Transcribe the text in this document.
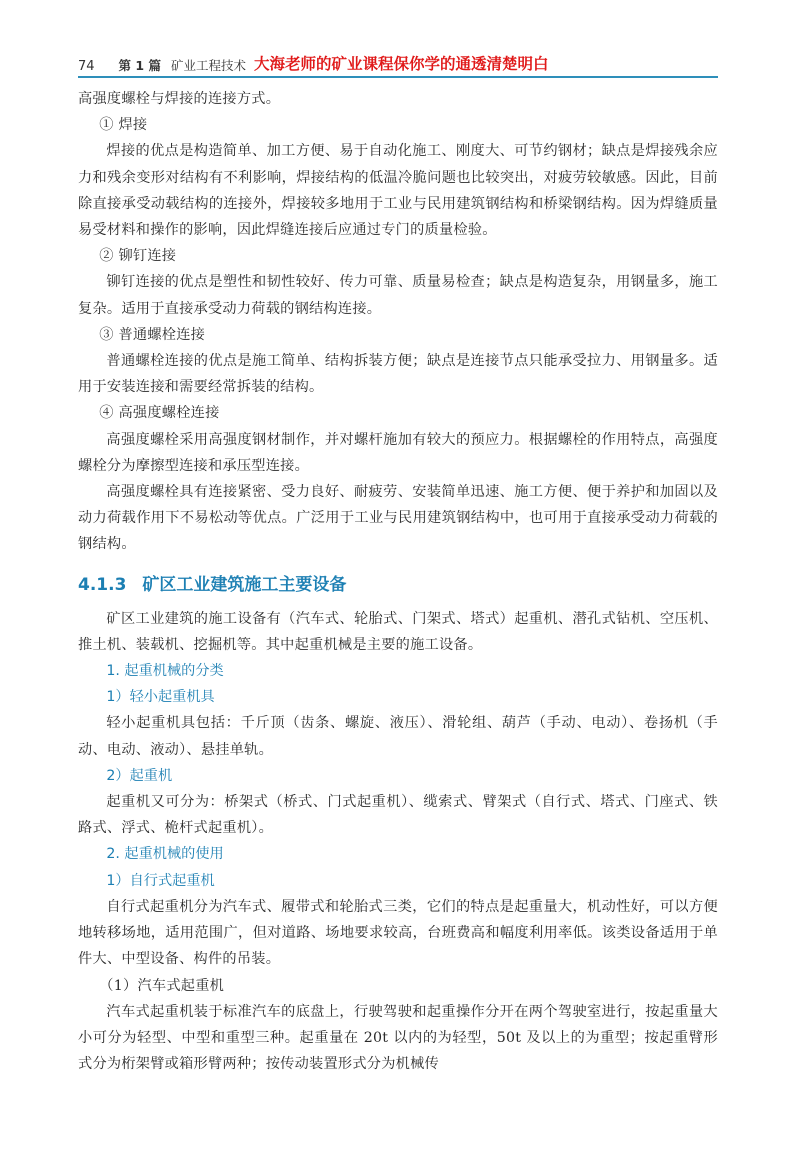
74 第 1 篇 矿业工程技术 大海老师的矿业课程保你学的通透清楚明白

高强度螺栓与焊接的连接方式。

① 焊接

焊接的优点是构造简单、加工方便、易于自动化施工、刚度大、可节约钢材；缺点是焊接残余应力和残余变形对结构有不利影响，焊接结构的低温冷脆问题也比较突出，对疲劳较敏感。因此，目前除直接承受动载结构的连接外，焊接较多地用于工业与民用建筑钢结构和桥梁钢结构。因为焊缝质量易受材料和操作的影响，因此焊缝连接后应通过专门的质量检验。

② 铆钉连接

铆钉连接的优点是塑性和韧性较好、传力可靠、质量易检查；缺点是构造复杂，用钢量多，施工复杂。适用于直接承受动力荷载的钢结构连接。

③ 普通螺栓连接

普通螺栓连接的优点是施工简单、结构拆装方便；缺点是连接节点只能承受拉力、用钢量多。适用于安装连接和需要经常拆装的结构。

④ 高强度螺栓连接

高强度螺栓采用高强度钢材制作，并对螺杆施加有较大的预应力。根据螺栓的作用特点，高强度螺栓分为摩擦型连接和承压型连接。

高强度螺栓具有连接紧密、受力良好、耐疲劳、安装简单迅速、施工方便、便于养护和加固以及动力荷载作用下不易松动等优点。广泛用于工业与民用建筑钢结构中，也可用于直接承受动力荷载的钢结构。

4.1.3 矿区工业建筑施工主要设备

矿区工业建筑的施工设备有（汽车式、轮胎式、门架式、塔式）起重机、潜孔式钻机、空压机、推土机、装载机、挖掘机等。其中起重机械是主要的施工设备。

1. 起重机械的分类
1）轻小起重机具

轻小起重机具包括：千斤顶（齿条、螺旋、液压）、滑轮组、葫芦（手动、电动）、卷扬机（手动、电动、液动）、悬挂单轨。

2）起重机

起重机又可分为：桥架式（桥式、门式起重机）、缆索式、臂架式（自行式、塔式、门座式、铁路式、浮式、桅杆式起重机）。

2. 起重机械的使用
1）自行式起重机

自行式起重机分为汽车式、履带式和轮胎式三类，它们的特点是起重量大，机动性好，可以方便地转移场地，适用范围广，但对道路、场地要求较高，台班费高和幅度利用率低。该类设备适用于单件大、中型设备、构件的吊装。

（1）汽车式起重机

汽车式起重机装于标准汽车的底盘上，行驶驾驶和起重操作分开在两个驾驶室进行，按起重量大小可分为轻型、中型和重型三种。起重量在 20t 以内的为轻型，50t 及以上的为重型；按起重臂形式分为桁架臂或箱形臂两种；按传动装置形式分为机械传
